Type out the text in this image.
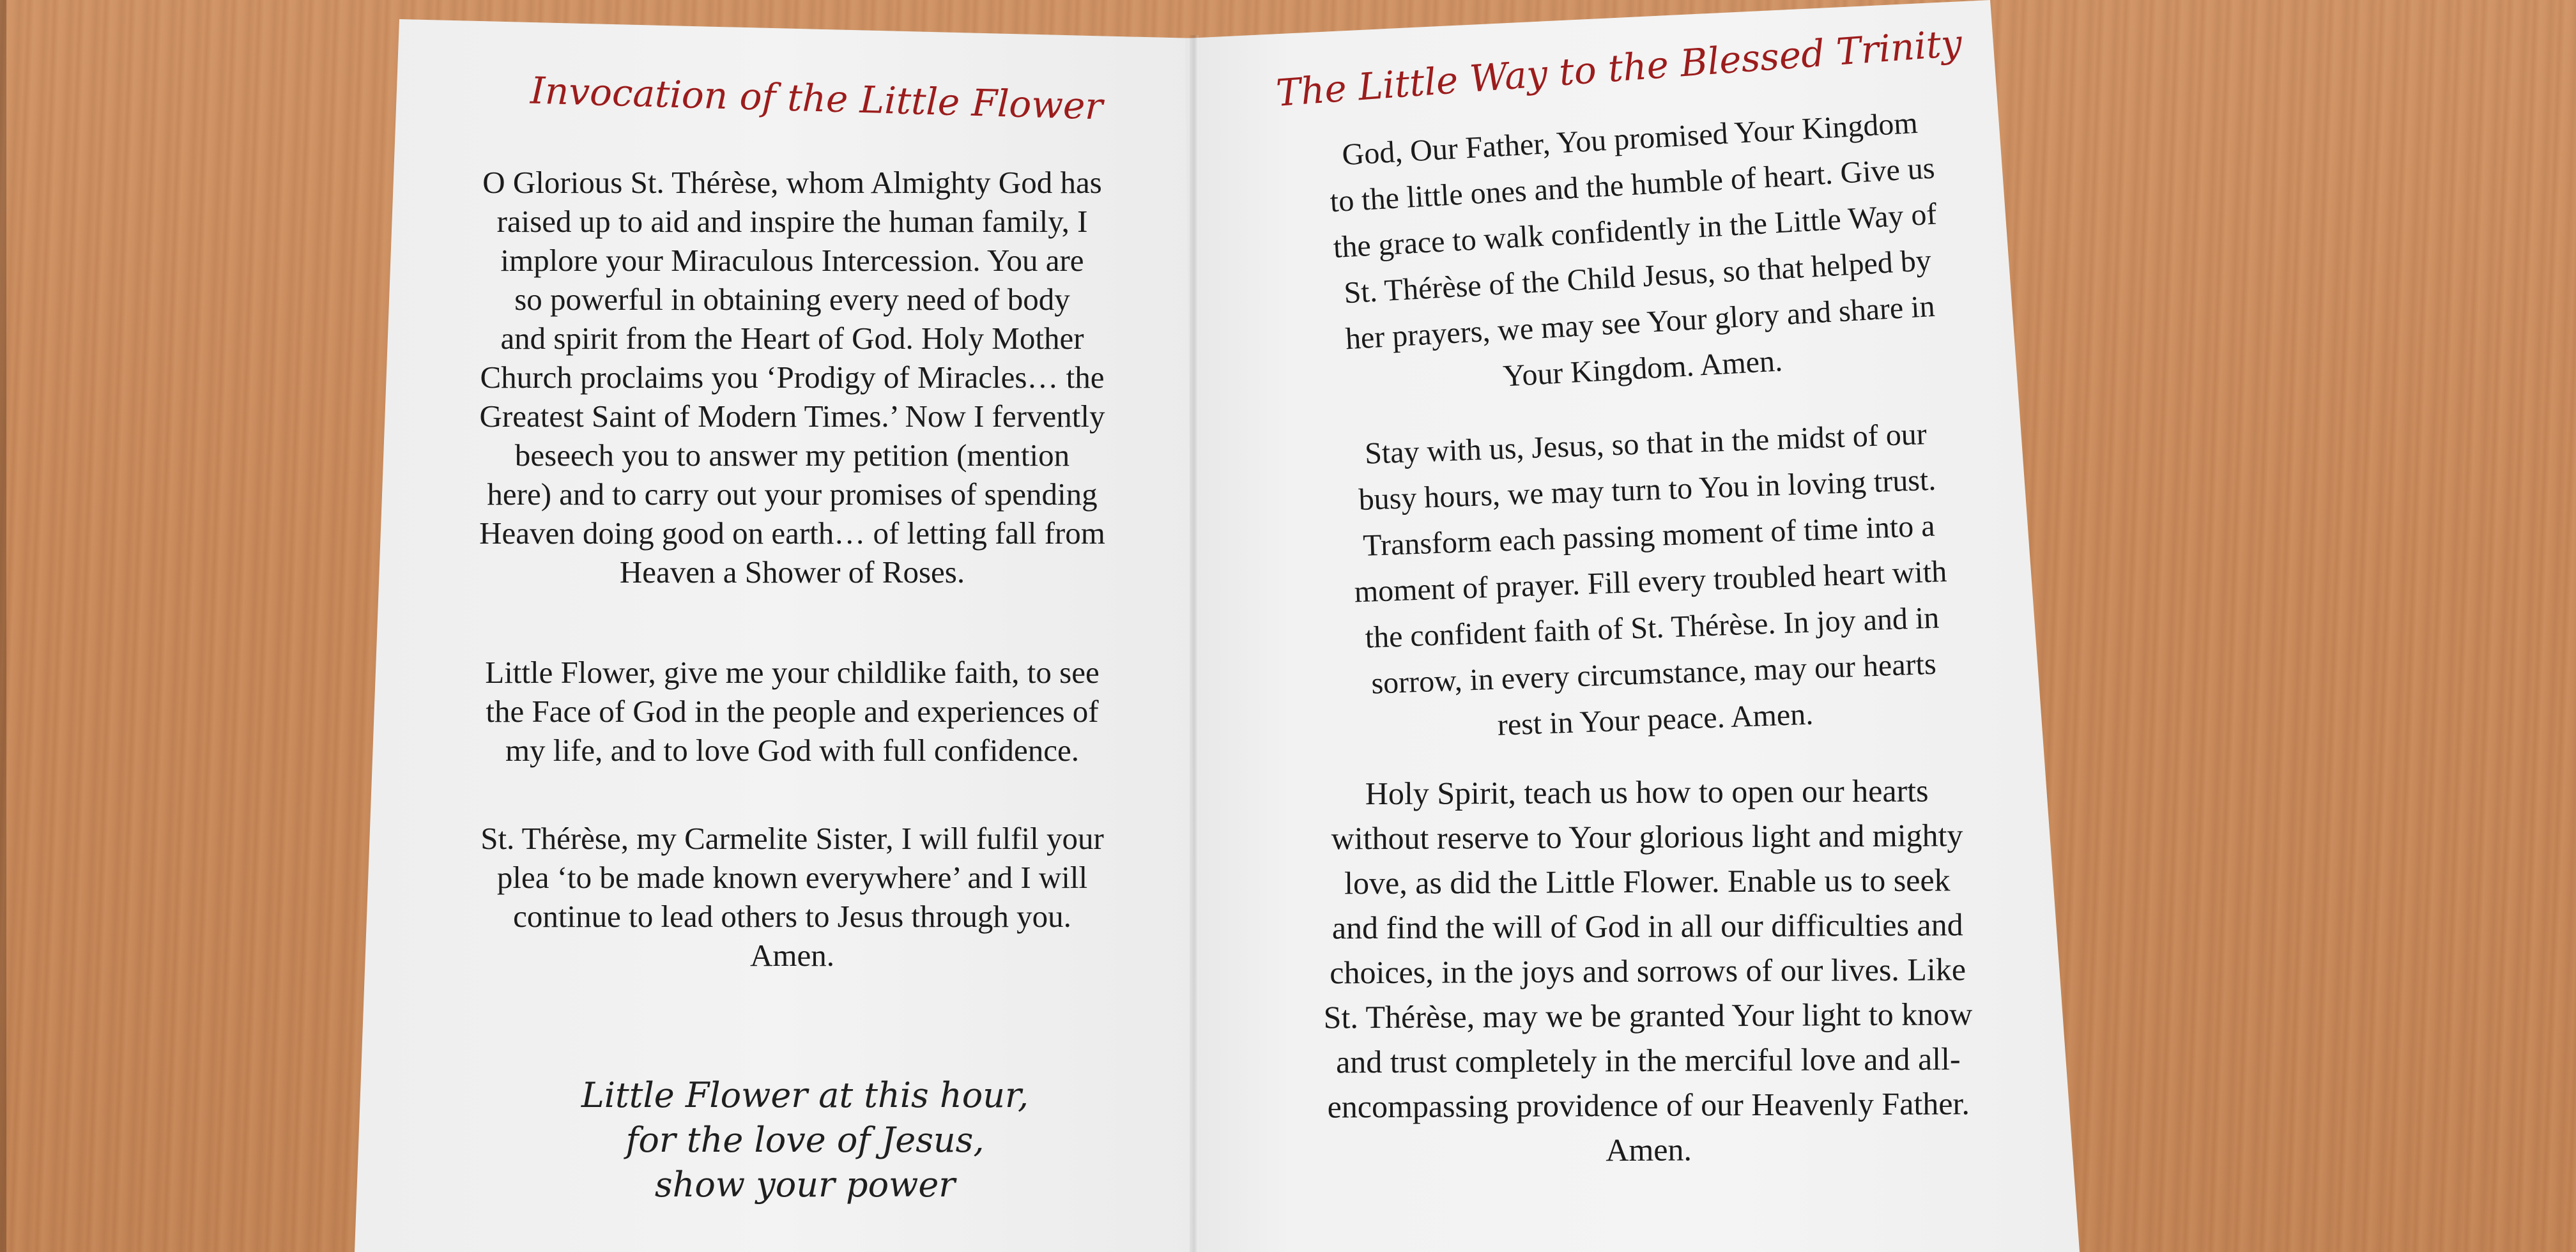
Invocation of the Little Flower
O Glorious St. Thérèse, whom Almighty God has
raised up to aid and inspire the human family, I
implore your Miraculous Intercession. You are
so powerful in obtaining every need of body
and spirit from the Heart of God. Holy Mother
Church proclaims you ‘Prodigy of Miracles… the
Greatest Saint of Modern Times.’ Now I fervently
beseech you to answer my petition (mention
here) and to carry out your promises of spending
Heaven doing good on earth… of letting fall from
Heaven a Shower of Roses.
Little Flower, give me your childlike faith, to see
the Face of God in the people and experiences of
my life, and to love God with full confidence.
St. Thérèse, my Carmelite Sister, I will fulfil your
plea ‘to be made known everywhere’ and I will
continue to lead others to Jesus through you.
Amen.
Little Flower at this hour,
for the love of Jesus,
show your power
The Little Way to the Blessed Trinity
God, Our Father, You promised Your Kingdom
to the little ones and the humble of heart. Give us
the grace to walk confidently in the Little Way of
St. Thérèse of the Child Jesus, so that helped by
her prayers, we may see Your glory and share in
Your Kingdom. Amen.
Stay with us, Jesus, so that in the midst of our
busy hours, we may turn to You in loving trust.
Transform each passing moment of time into a
moment of prayer. Fill every troubled heart with
the confident faith of St. Thérèse. In joy and in
sorrow, in every circumstance, may our hearts
rest in Your peace. Amen.
Holy Spirit, teach us how to open our hearts
without reserve to Your glorious light and mighty
love, as did the Little Flower. Enable us to seek
and find the will of God in all our difficulties and
choices, in the joys and sorrows of our lives. Like
St. Thérèse, may we be granted Your light to know
and trust completely in the merciful love and all-
encompassing providence of our Heavenly Father.
Amen.
